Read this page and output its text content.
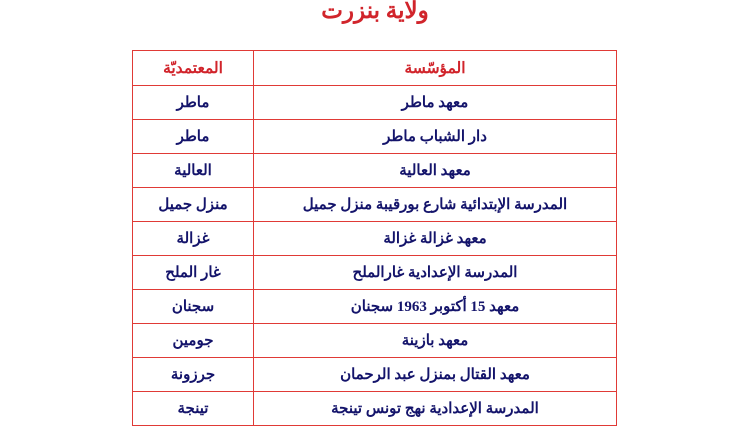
ولاية بنزرت
المؤسّسة	المعتمديّة
معهد ماطر	ماطر
دار الشباب ماطر	ماطر
معهد العالية	العالية
المدرسة الإبتدائية شارع بورقيبة منزل جميل	منزل جميل
معهد غزالة غزالة	غزالة
المدرسة الإعدادية غارالملح	غار الملح
معهد 15 أكتوبر 1963 سجنان	سجنان
معهد بازينة	جومين
معهد القتال بمنزل عبد الرحمان	جرزونة
المدرسة الإعدادية نهج تونس تينجة	تينجة
